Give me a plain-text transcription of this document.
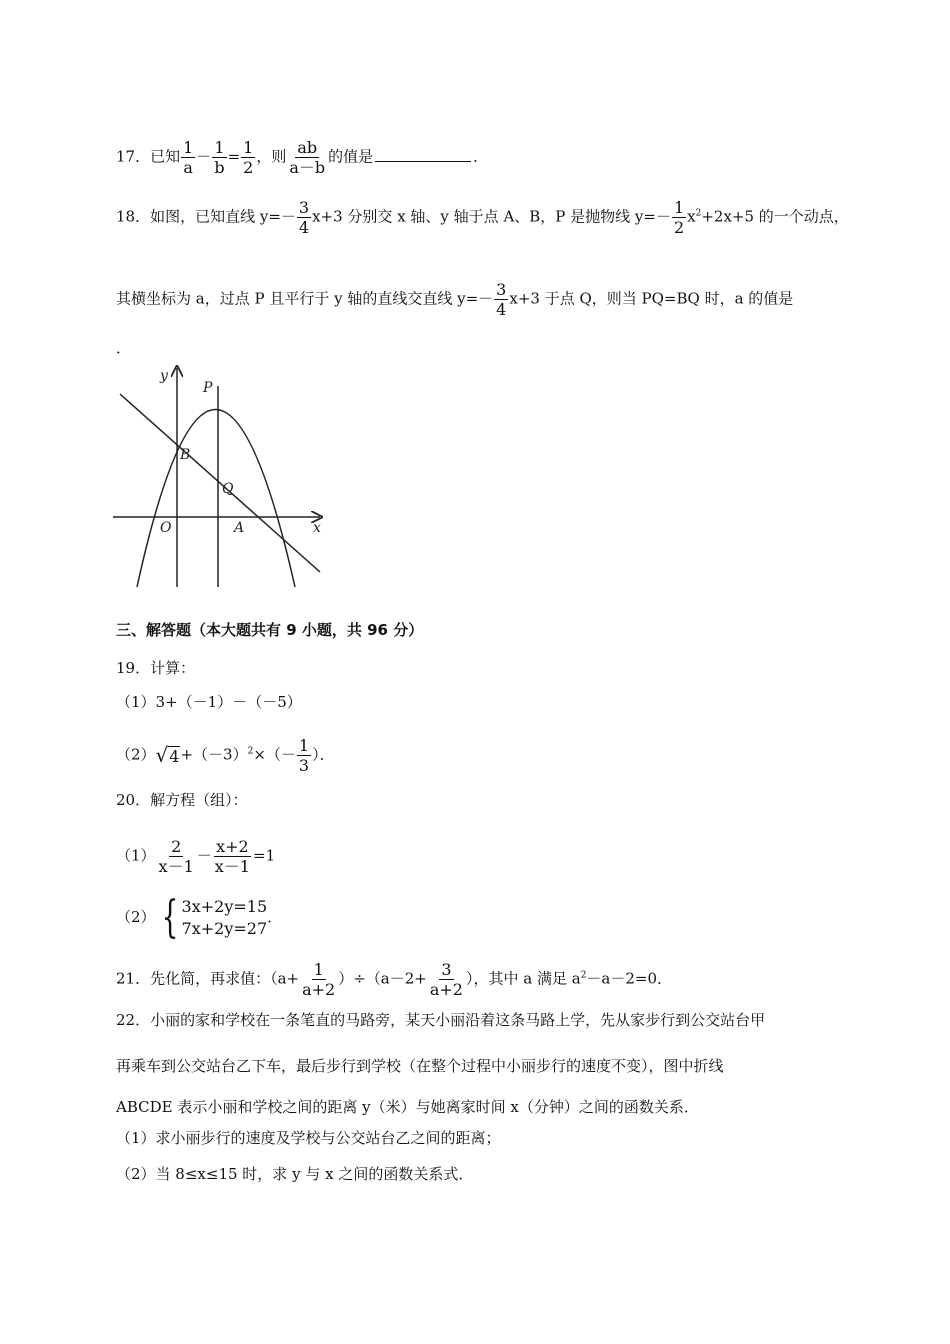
17．已知 $\frac{1}{a} - \frac{1}{b} = \frac{1}{2}$ ，则 $\frac{ab}{a-b}$ 的值是	．
18．如图，已知直线 $y=- \frac{3}{4} x+3$ 分别交 x 轴、y 轴于点 A、B，P 是抛物线 $y=- \frac{1}{2} x^2+2x+5$ 的一个动点，
其横坐标为 a，过点 P 且平行于 y 轴的直线交直线 $y=- \frac{3}{4} x+3$ 于点 Q，则当 PQ=BQ 时，a 的值是
．
y
x
P
B
Q
O	A
三、解答题（本大题共有 9 小题，共 96 分）
19．计算：
（1）3+（－1）－（－5）
$(2)√4+(-3)^2\times(- \frac{1}{3}$ ）．
20．解方程（组）：
$(1) \frac{2}{x-1} - \frac{x+2}{x-1} =1$
（2） { 3x+2y=15
7x+2y=27
．
21．先化简，再求值：$(a+ \frac{1}{a+2} )\div(a-2+ \frac{3}{a+2}$ ），其中 a 满足 $a^2-a-2=0$．
22．小丽的家和学校在一条笔直的马路旁，某天小丽沿着这条马路上学，先从家步行到公交站台甲
再乘车到公交站台乙下车，最后步行到学校（在整个过程中小丽步行的速度不变），图中折线
ABCDE 表示小丽和学校之间的距离 y（米）与她离家时间 x（分钟）之间的函数关系．
（1）求小丽步行的速度及学校与公交站台乙之间的距离；
（2）当 8≤x≤15 时，求 y 与 x 之间的函数关系式．
